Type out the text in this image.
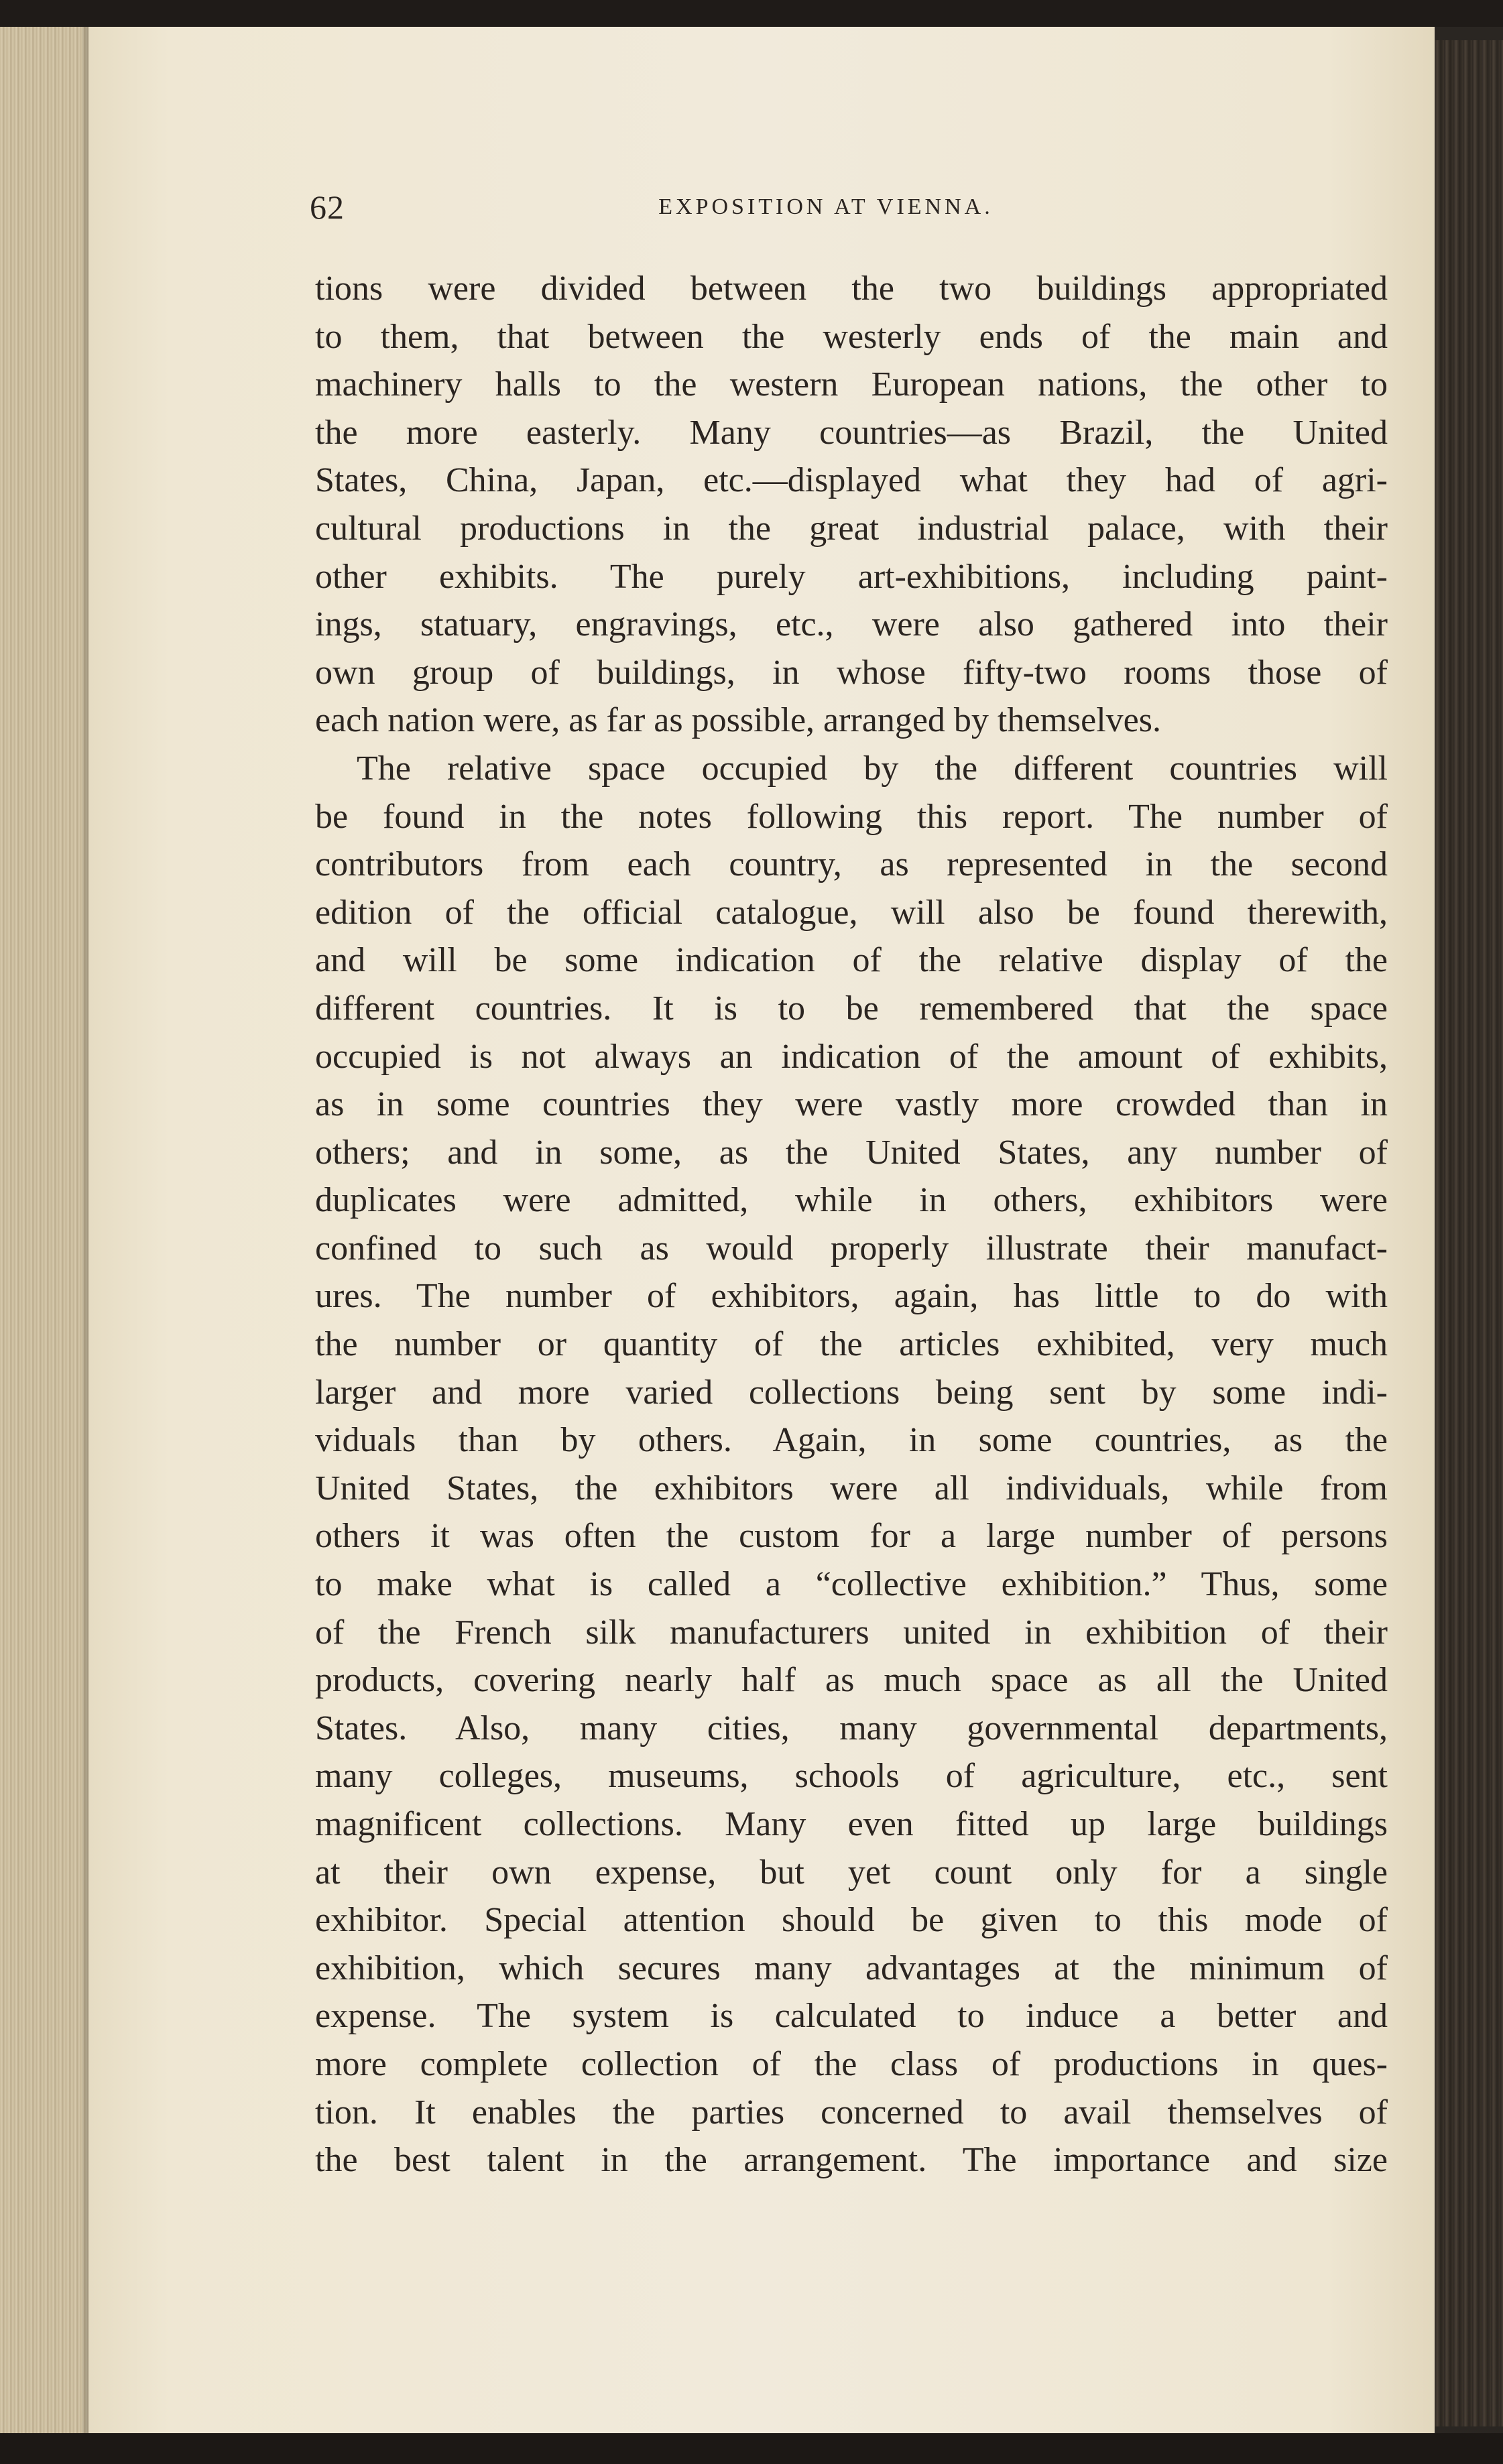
62	EXPOSITION AT VIENNA.
tions were divided between the two buildings appropriated
to them, that between the westerly ends of the main and
machinery halls to the western European nations, the other to
the more easterly. Many countries—as Brazil, the United
States, China, Japan, etc.—displayed what they had of agri-
cultural productions in the great industrial palace, with their
other exhibits. The purely art-exhibitions, including paint-
ings, statuary, engravings, etc., were also gathered into their
own group of buildings, in whose fifty-two rooms those of
each nation were, as far as possible, arranged by themselves.
The relative space occupied by the different countries will
be found in the notes following this report. The number of
contributors from each country, as represented in the second
edition of the official catalogue, will also be found therewith,
and will be some indication of the relative display of the
different countries. It is to be remembered that the space
occupied is not always an indication of the amount of exhibits,
as in some countries they were vastly more crowded than in
others; and in some, as the United States, any number of
duplicates were admitted, while in others, exhibitors were
confined to such as would properly illustrate their manufact-
ures. The number of exhibitors, again, has little to do with
the number or quantity of the articles exhibited, very much
larger and more varied collections being sent by some indi-
viduals than by others. Again, in some countries, as the
United States, the exhibitors were all individuals, while from
others it was often the custom for a large number of persons
to make what is called a “collective exhibition.” Thus, some
of the French silk manufacturers united in exhibition of their
products, covering nearly half as much space as all the United
States. Also, many cities, many governmental departments,
many colleges, museums, schools of agriculture, etc., sent
magnificent collections. Many even fitted up large buildings
at their own expense, but yet count only for a single
exhibitor. Special attention should be given to this mode of
exhibition, which secures many advantages at the minimum of
expense. The system is calculated to induce a better and
more complete collection of the class of productions in ques-
tion. It enables the parties concerned to avail themselves of
the best talent in the arrangement. The importance and size
